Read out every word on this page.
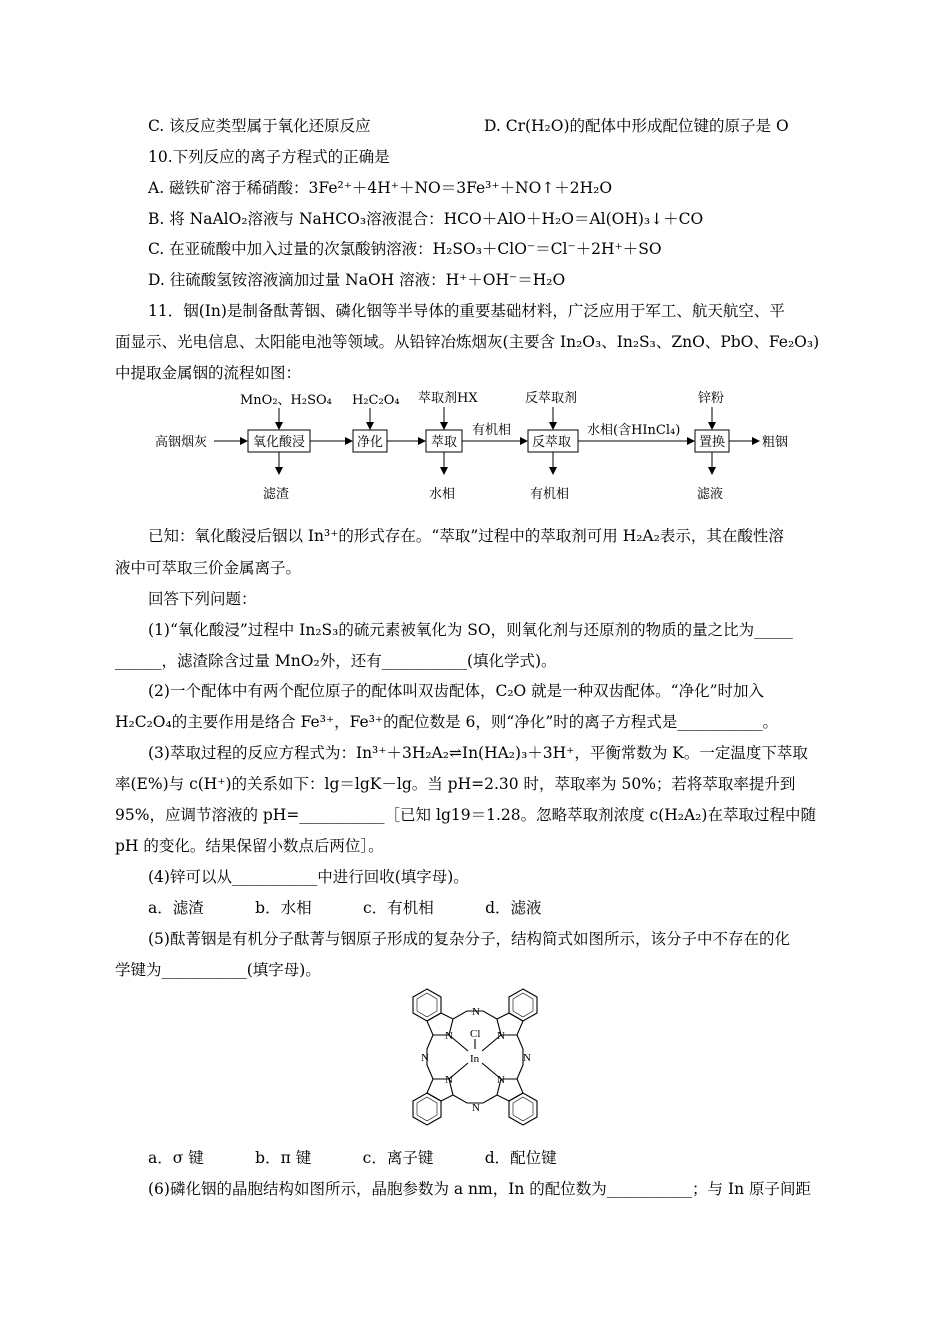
C. 该反应类型属于氧化还原反应	D. Cr(H₂O)的配体中形成配位键的原子是 O
10.下列反应的离子方程式的正确是
A. 磁铁矿溶于稀硝酸：3Fe²⁺＋4H⁺＋NO＝3Fe³⁺＋NO↑＋2H₂O
B. 将 NaAlO₂溶液与 NaHCO₃溶液混合：HCO＋AlO＋H₂O＝Al(OH)₃↓＋CO
C. 在亚硫酸中加入过量的次氯酸钠溶液：H₂SO₃＋ClO⁻＝Cl⁻＋2H⁺＋SO
D. 往硫酸氢铵溶液滴加过量 NaOH 溶液：H⁺＋OH⁻＝H₂O
11．铟(In)是制备酞菁铟、磷化铟等半导体的重要基础材料，广泛应用于军工、航天航空、平
面显示、光电信息、太阳能电池等领域。从铅锌冶炼烟灰(主要含 In₂O₃、In₂S₃、ZnO、PbO、Fe₂O₃)
中提取金属铟的流程如图：
高铟烟灰	粗铟
氧化酸浸	净化	萃取	反萃取	置换
有机相	水相(含HInCl₄)
MnO₂、H₂SO₄ H₂C₂O₄ 萃取剂HX	反萃取剂	锌粉
滤渣	水相	有机相	滤液
已知：氧化酸浸后铟以 In³⁺的形式存在。“萃取”过程中的萃取剂可用 H₂A₂表示，其在酸性溶
液中可萃取三价金属离子。
回答下列问题：
(1)“氧化酸浸”过程中 In₂S₃的硫元素被氧化为 SO，则氧化剂与还原剂的物质的量之比为_____
______，滤渣除含过量 MnO₂外，还有___________(填化学式)。
(2)一个配体中有两个配位原子的配体叫双齿配体，C₂O 就是一种双齿配体。“净化”时加入
H₂C₂O₄的主要作用是络合 Fe³⁺，Fe³⁺的配位数是 6，则“净化”时的离子方程式是___________。
(3)萃取过程的反应方程式为：In³⁺＋3H₂A₂⇌In(HA₂)₃＋3H⁺，平衡常数为 K。一定温度下萃取
率(E%)与 c(H⁺)的关系如下：lg＝lgK－lg。当 pH=2.30 时，萃取率为 50%；若将萃取率提升到
95%，应调节溶液的 pH=___________［已知 lg19＝1.28。忽略萃取剂浓度 c(H₂A₂)在萃取过程中随
pH 的变化。结果保留小数点后两位］。
(4)锌可以从___________中进行回收(填字母)。
a．滤渣　　　 b．水相　　　 c．有机相　　　 d．滤液
(5)酞菁铟是有机分子酞菁与铟原子形成的复杂分子，结构简式如图所示，该分子中不存在的化
学键为___________(填字母)。
Cl
In
N
N
N	N
N	N
N	N
a．σ 键　　　 b．π 键　　　 c．离子键　　　 d．配位键
(6)磷化铟的晶胞结构如图所示，晶胞参数为 a nm，In 的配位数为___________；与 In 原子间距
